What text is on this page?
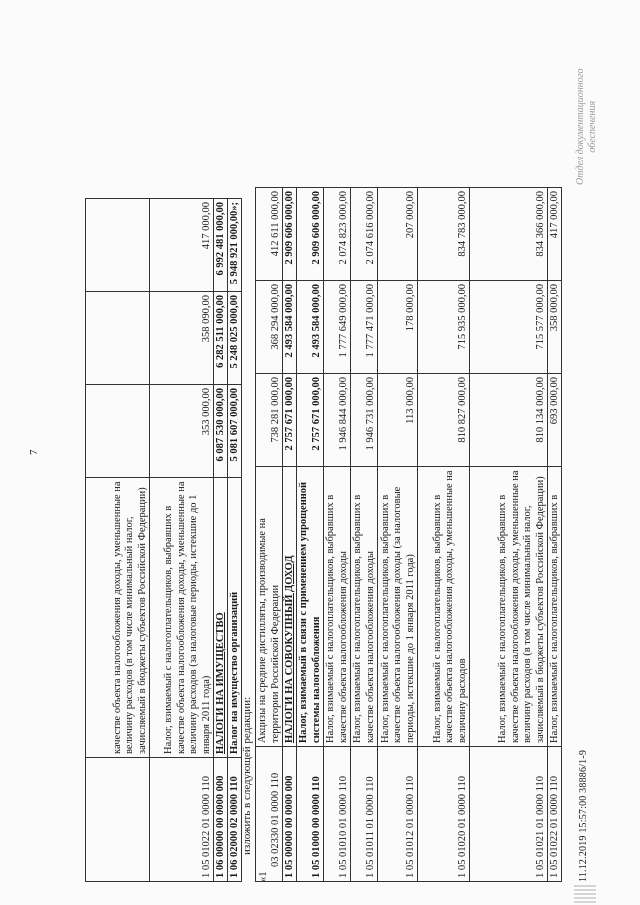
7
	качестве объекта налогообложения доходы, уменьшенные на величину расходов (в том числе минимальный налог, зачисляемый в бюджеты субъектов Российской Федерации)			
1 05 01022 01 0000 110	Налог, взимаемый с налогоплательщиков, выбравших в качестве объекта налогообложения доходы, уменьшенные на величину расходов (за налоговые периоды, истекшие до 1 января 2011 года)	353 000,00	358 090,00	417 000,00
1 06 00000 00 0000 000	НАЛОГИ НА ИМУЩЕСТВО	6 087 530 000,00	6 282 511 000,00	6 992 481 000,00
1 06 02000 02 0000 110	Налог на имущество организаций	5 081 607 000,00	5 248 025 000,00	5 948 921 000,00»;
изложить в следующей редакции:
«1
03 02330 01 0000 110	Акцизы на средние дистилляты, производимые на территории Российской Федерации	738 281 000,00	368 294 000,00	412 611 000,00
1 05 00000 00 0000 000	НАЛОГИ НА СОВОКУПНЫЙ ДОХОД	2 757 671 000,00	2 493 584 000,00	2 909 606 000,00
1 05 01000 00 0000 110	Налог, взимаемый в связи с применением упрощенной системы налогообложения	2 757 671 000,00	2 493 584 000,00	2 909 606 000,00
1 05 01010 01 0000 110	Налог, взимаемый с налогоплательщиков, выбравших в качестве объекта налогообложения доходы	1 946 844 000,00	1 777 649 000,00	2 074 823 000,00
1 05 01011 01 0000 110	Налог, взимаемый с налогоплательщиков, выбравших в качестве объекта налогообложения доходы	1 946 731 000,00	1 777 471 000,00	2 074 616 000,00
1 05 01012 01 0000 110	Налог, взимаемый с налогоплательщиков, выбравших в качестве объекта налогообложения доходы (за налоговые периоды, истекшие до 1 января 2011 года)	113 000,00	178 000,00	207 000,00
1 05 01020 01 0000 110	Налог, взимаемый с налогоплательщиков, выбравших в качестве объекта налогообложения доходы, уменьшенные на величину расходов	810 827 000,00	715 935 000,00	834 783 000,00
1 05 01021 01 0000 110	Налог, взимаемый с налогоплательщиков, выбравших в качестве объекта налогообложения доходы, уменьшенные на величину расходов (в том числе минимальный налог, зачисляемый в бюджеты субъектов Российской Федерации)	810 134 000,00	715 577 000,00	834 366 000,00
1 05 01022 01 0000 110	Налог, взимаемый с налогоплательщиков, выбравших в	693 000,00	358 000,00	417 000,00
11.12.2019 15:57:00 38886/1-9
Отдел документационного обеспечения
